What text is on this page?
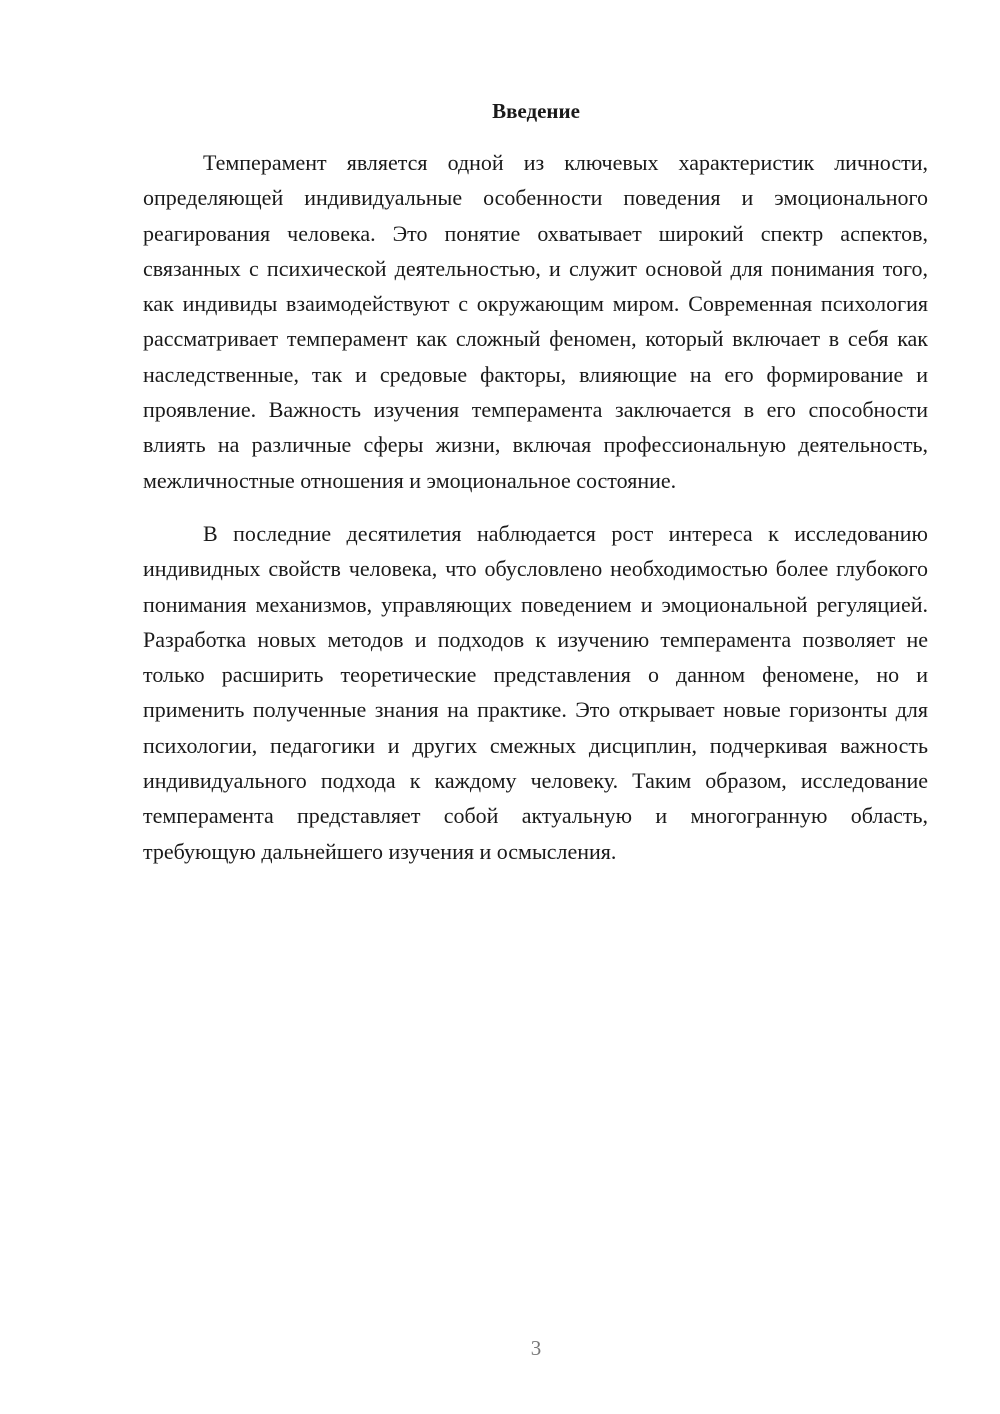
Введение

Темперамент является одной из ключевых характеристик личности, определяющей индивидуальные особенности поведения и эмоционального реагирования человека. Это понятие охватывает широкий спектр аспектов, связанных с психической деятельностью, и служит основой для понимания того, как индивиды взаимодействуют с окружающим миром. Современная психология рассматривает темперамент как сложный феномен, который включает в себя как наследственные, так и средовые факторы, влияющие на его формирование и проявление. Важность изучения темперамента заключается в его способности влиять на различные сферы жизни, включая профессиональную деятельность, межличностные отношения и эмоциональное состояние.

В последние десятилетия наблюдается рост интереса к исследованию индивидных свойств человека, что обусловлено необходимостью более глубокого понимания механизмов, управляющих поведением и эмоциональной регуляцией. Разработка новых методов и подходов к изучению темперамента позволяет не только расширить теоретические представления о данном феномене, но и применить полученные знания на практике. Это открывает новые горизонты для психологии, педагогики и других смежных дисциплин, подчеркивая важность индивидуального подхода к каждому человеку. Таким образом, исследование темперамента представляет собой актуальную и многогранную область, требующую дальнейшего изучения и осмысления.

3
